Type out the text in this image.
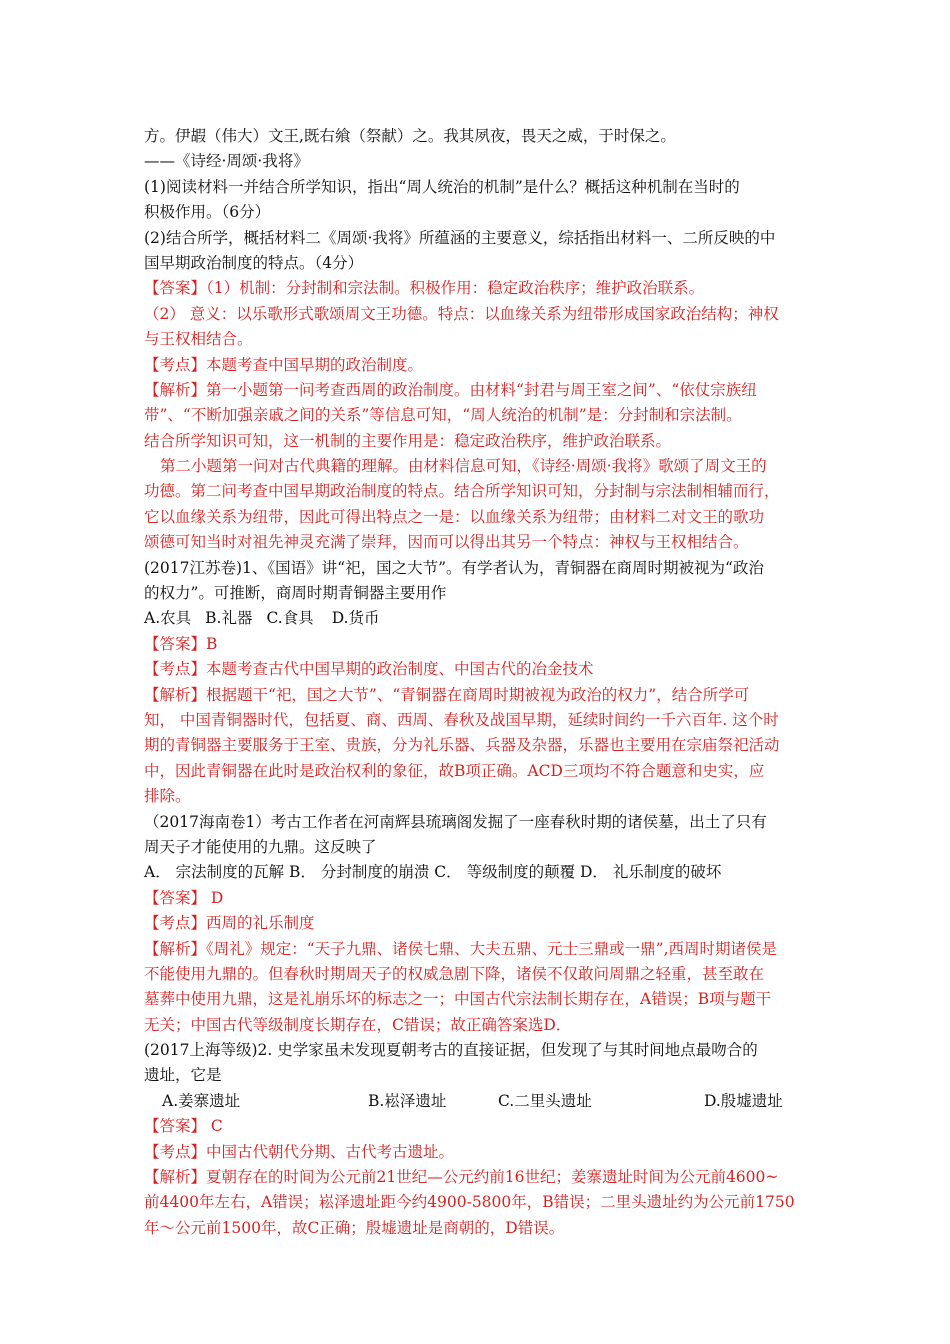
方。伊嘏（伟大）文王,既右飨（祭献）之。我其夙夜，畏天之威，于时保之。
——《诗经·周颂·我将》
(1)阅读材料一并结合所学知识，指出“周人统治的机制”是什么？概括这种机制在当时的
积极作用。（6分）
(2)结合所学，概括材料二《周颂·我将》所蕴涵的主要意义，综括指出材料一、二所反映的中
国早期政治制度的特点。（4分）
【答案】（1）机制：分封制和宗法制。积极作用：稳定政治秩序；维护政治联系。
（2） 意义：以乐歌形式歌颂周文王功德。特点：以血缘关系为纽带形成国家政治结构；神权
与王权相结合。
【考点】本题考查中国早期的政治制度。
【解析】第一小题第一问考查西周的政治制度。由材料“封君与周王室之间”、“依仗宗族纽
带”、“不断加强亲戚之间的关系”等信息可知，“周人统治的机制”是：分封制和宗法制。
结合所学知识可知，这一机制的主要作用是：稳定政治秩序，维护政治联系。
第二小题第一问对古代典籍的理解。由材料信息可知，《诗经·周颂·我将》歌颂了周文王的
功德。第二问考查中国早期政治制度的特点。结合所学知识可知，分封制与宗法制相辅而行，
它以血缘关系为纽带，因此可得出特点之一是：以血缘关系为纽带；由材料二对文王的歌功
颂德可知当时对祖先神灵充满了崇拜，因而可以得出其另一个特点：神权与王权相结合。
(2017江苏卷)1、《国语》讲“祀，国之大节”。有学者认为，青铜器在商周时期被视为“政治
的权力”。可推断，商周时期青铜器主要用作
A.农具 B.礼器 C.食具 D.货币
【答案】B
【考点】本题考查古代中国早期的政治制度、中国古代的冶金技术
【解析】根据题干“祀，国之大节”、“青铜器在商周时期被视为政治的权力”，结合所学可
知， 中国青铜器时代，包括夏、商、西周、春秋及战国早期，延续时间约一千六百年. 这个时
期的青铜器主要服务于王室、贵族，分为礼乐器、兵器及杂器，乐器也主要用在宗庙祭祀活动
中，因此青铜器在此时是政治权利的象征，故B项正确。ACD三项均不符合题意和史实，应
排除。
（2017海南卷1）考古工作者在河南辉县琉璃阁发掘了一座春秋时期的诸侯墓，出土了只有
周天子才能使用的九鼎。这反映了
A． 宗法制度的瓦解 B． 分封制度的崩溃 C． 等级制度的颠覆 D． 礼乐制度的破坏
【答案】 D
【考点】西周的礼乐制度
【解析】《周礼》规定：“天子九鼎、诸侯七鼎、大夫五鼎、元士三鼎或一鼎”,西周时期诸侯是
不能使用九鼎的。但春秋时期周天子的权威急剧下降，诸侯不仅敢问周鼎之轻重，甚至敢在
墓葬中使用九鼎，这是礼崩乐坏的标志之一；中国古代宗法制长期存在，A错误；B项与题干
无关；中国古代等级制度长期存在，C错误；故正确答案选D．
(2017上海等级)2. 史学家虽未发现夏朝考古的直接证据，但发现了与其时间地点最吻合的
遗址，它是
A.姜寨遗址	B.崧泽遗址	C.二里头遗址	D.殷墟遗址
【答案】 C
【考点】中国古代朝代分期、古代考古遗址。
【解析】夏朝存在的时间为公元前21世纪—公元约前16世纪；姜寨遗址时间为公元前4600~
前4400年左右，A错误；崧泽遗址距今约4900-5800年，B错误；二里头遗址约为公元前1750
年～公元前1500年，故C正确；殷墟遗址是商朝的，D错误。
